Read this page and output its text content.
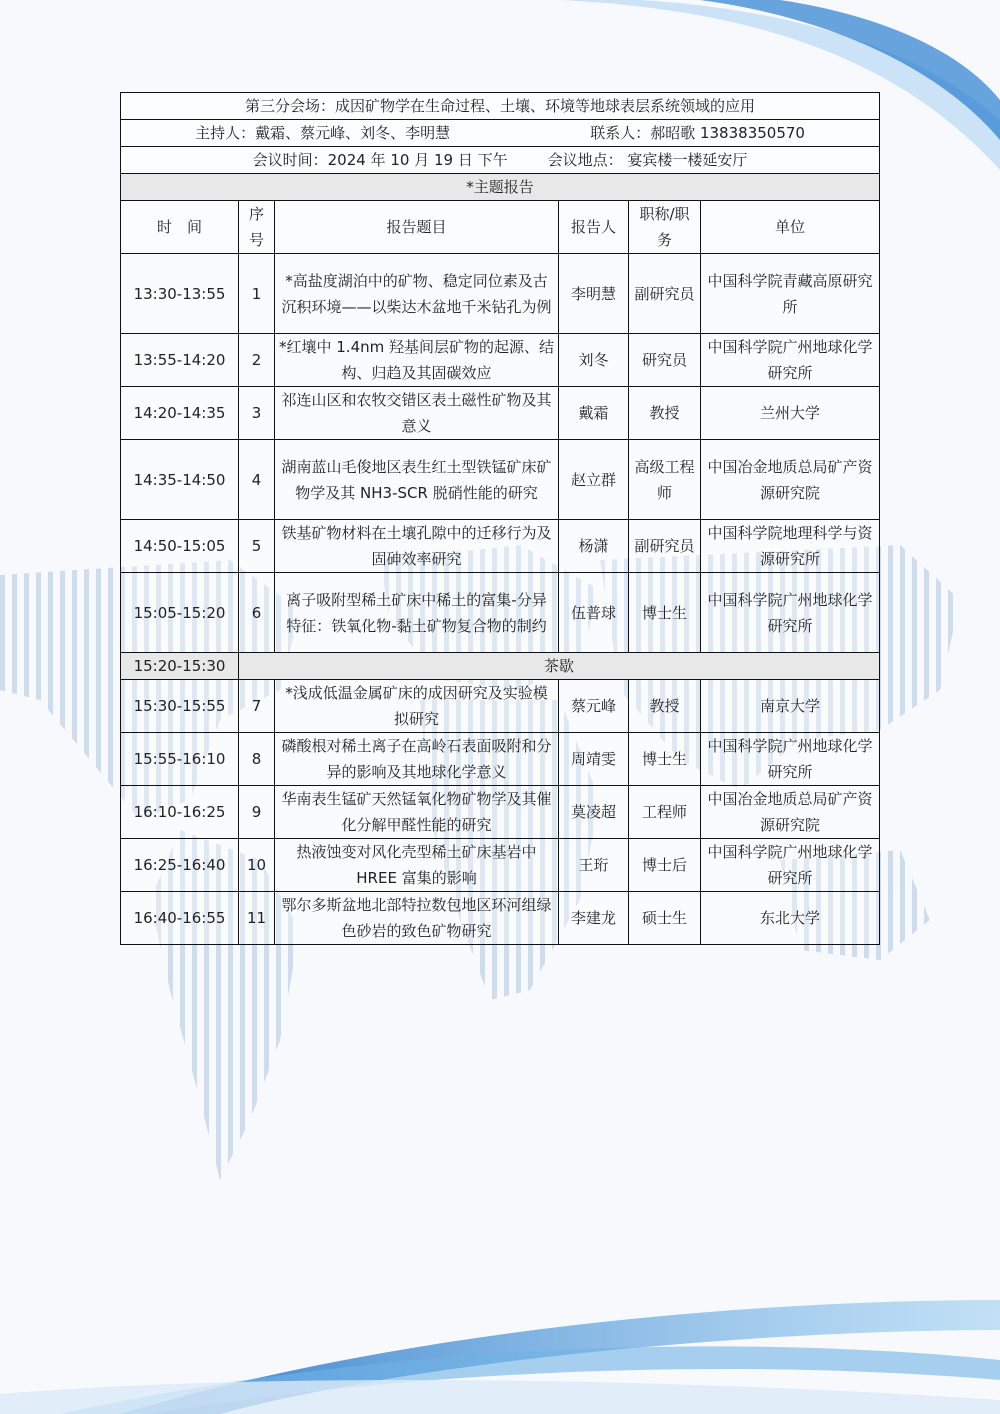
第三分会场：成因矿物学在生命过程、土壤、环境等地球表层系统领域的应用					

主持人：戴霜、蔡元峰、刘冬、李明慧 联系人：郝昭歌 13838350570					

会议时间：2024 年 10 月 19 日 下午 会议地点： 宴宾楼一楼延安厅					

*主题报告					
时　间	序号	报告题目	报告人	职称/职务	单位
13:30-13:55	1	*高盐度湖泊中的矿物、稳定同位素及古沉积环境——以柴达木盆地千米钻孔为例	李明慧	副研究员	中国科学院青藏高原研究所
13:55-14:20	2	*红壤中 1.4nm 羟基间层矿物的起源、结构、归趋及其固碳效应	刘冬	研究员	中国科学院广州地球化学研究所
14:20-14:35	3	祁连山区和农牧交错区表土磁性矿物及其意义	戴霜	教授	兰州大学
14:35-14:50	4	湖南蓝山毛俊地区表生红土型铁锰矿床矿物学及其 NH3-SCR 脱硝性能的研究	赵立群	高级工程师	中国冶金地质总局矿产资源研究院
14:50-15:05	5	铁基矿物材料在土壤孔隙中的迁移行为及固砷效率研究	杨潇	副研究员	中国科学院地理科学与资源研究所
15:05-15:20	6	离子吸附型稀土矿床中稀土的富集-分异特征：铁氧化物-黏土矿物复合物的制约	伍普球	博士生	中国科学院广州地球化学研究所
15:20-15:30	茶歇				
15:30-15:55	7	*浅成低温金属矿床的成因研究及实验模拟研究	蔡元峰	教授	南京大学
15:55-16:10	8	磷酸根对稀土离子在高岭石表面吸附和分异的影响及其地球化学意义	周靖雯	博士生	中国科学院广州地球化学研究所
16:10-16:25	9	华南表生锰矿天然锰氧化物矿物学及其催化分解甲醛性能的研究	莫凌超	工程师	中国冶金地质总局矿产资源研究院
16:25-16:40	10	热液蚀变对风化壳型稀土矿床基岩中 HREE 富集的影响	王珩	博士后	中国科学院广州地球化学研究所
16:40-16:55	11	鄂尔多斯盆地北部特拉数包地区环河组绿色砂岩的致色矿物研究	李建龙	硕士生	东北大学
